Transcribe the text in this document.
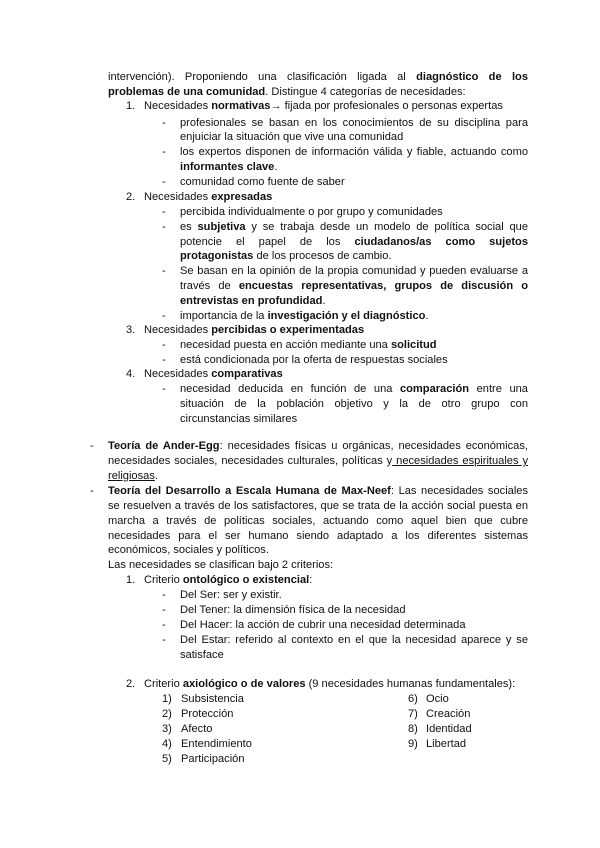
intervención). Proponiendo una clasificación ligada al diagnóstico de los
problemas de una comunidad. Distingue 4 categorías de necesidades:
1. Necesidades normativas→ fijada por profesionales o personas expertas
- profesionales se basan en los conocimientos de su disciplina para
enjuiciar la situación que vive una comunidad
- los expertos disponen de información válida y fiable, actuando como
informantes clave.
- comunidad como fuente de saber
2. Necesidades expresadas
- percibida individualmente o por grupo y comunidades
- es subjetiva y se trabaja desde un modelo de política social que
potencie el papel de los ciudadanos/as como sujetos
protagonistas de los procesos de cambio.
- Se basan en la opinión de la propia comunidad y pueden evaluarse a
través de encuestas representativas, grupos de discusión o
entrevistas en profundidad.
- importancia de la investigación y el diagnóstico.
3. Necesidades percibidas o experimentadas
- necesidad puesta en acción mediante una solicitud
- está condicionada por la oferta de respuestas sociales
4. Necesidades comparativas
- necesidad deducida en función de una comparación entre una
situación de la población objetivo y la de otro grupo con
circunstancias similares
- Teoría de Ander-Egg: necesidades físicas u orgánicas, necesidades económicas,
necesidades sociales, necesidades culturales, políticas y necesidades espirituales y
religiosas.
- Teoría del Desarrollo a Escala Humana de Max-Neef: Las necesidades sociales
se resuelven a través de los satisfactores, que se trata de la acción social puesta en
marcha a través de políticas sociales, actuando como aquel bien que cubre
necesidades para el ser humano siendo adaptado a los diferentes sistemas
económicos, sociales y políticos.
Las necesidades se clasifican bajo 2 criterios:
1. Criterio ontológico o existencial:
- Del Ser: ser y existir.
- Del Tener: la dimensión física de la necesidad
- Del Hacer: la acción de cubrir una necesidad determinada
- Del Estar: referido al contexto en el que la necesidad aparece y se
satisface
2. Criterio axiológico o de valores (9 necesidades humanas fundamentales):
1) Subsistencia
2) Protección
3) Afecto
4) Entendimiento
5) Participación
6) Ocio
7) Creación
8) Identidad
9) Libertad
